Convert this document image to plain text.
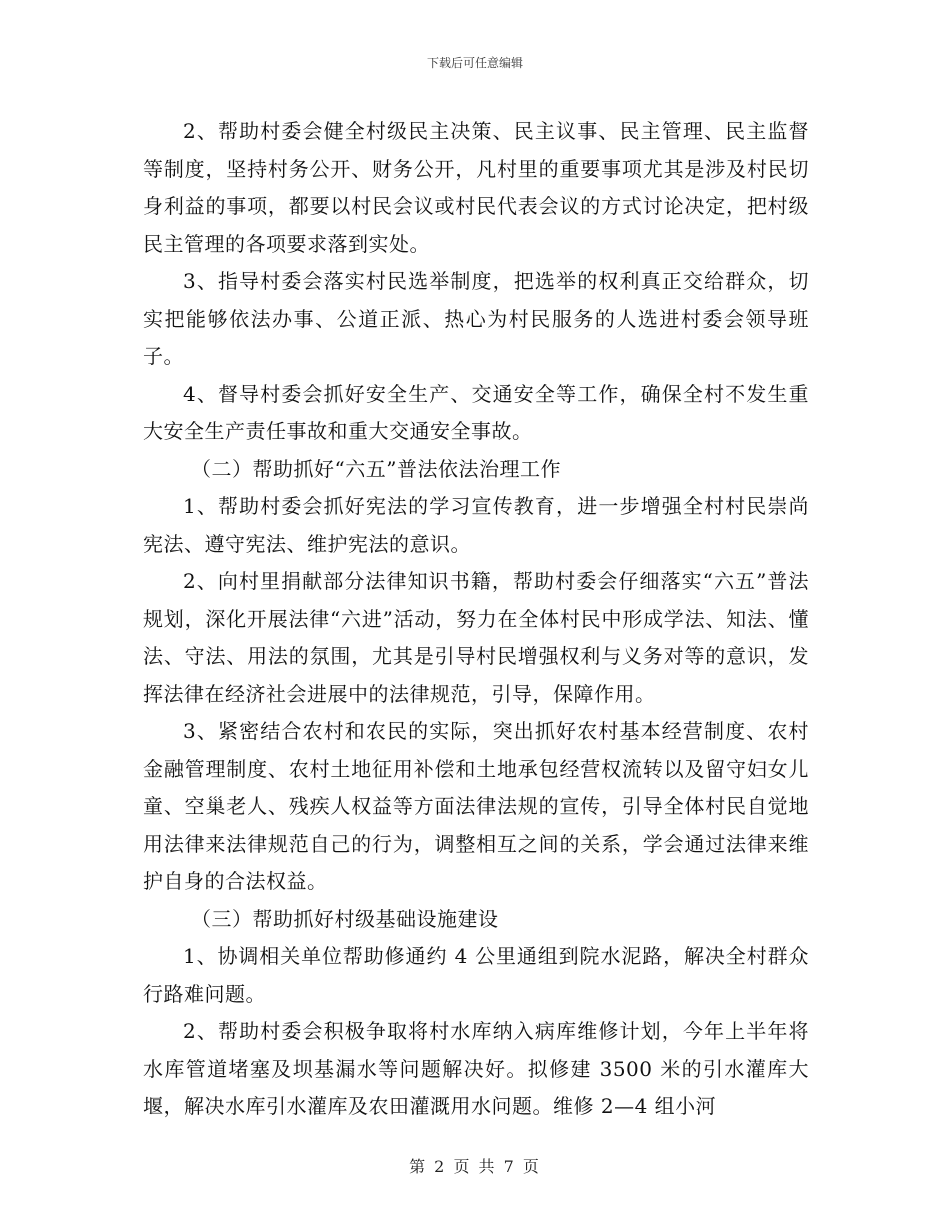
下载后可任意编辑

2、帮助村委会健全村级民主决策、民主议事、民主管理、民主监督等制度，坚持村务公开、财务公开，凡村里的重要事项尤其是涉及村民切身利益的事项，都要以村民会议或村民代表会议的方式讨论决定，把村级民主管理的各项要求落到实处。

3、指导村委会落实村民选举制度，把选举的权利真正交给群众，切实把能够依法办事、公道正派、热心为村民服务的人选进村委会领导班子。

4、督导村委会抓好安全生产、交通安全等工作，确保全村不发生重大安全生产责任事故和重大交通安全事故。

（二）帮助抓好“六五”普法依法治理工作

1、帮助村委会抓好宪法的学习宣传教育，进一步增强全村村民崇尚宪法、遵守宪法、维护宪法的意识。

2、向村里捐献部分法律知识书籍，帮助村委会仔细落实“六五”普法规划，深化开展法律“六进”活动，努力在全体村民中形成学法、知法、懂法、守法、用法的氛围，尤其是引导村民增强权利与义务对等的意识，发挥法律在经济社会进展中的法律规范，引导，保障作用。

3、紧密结合农村和农民的实际，突出抓好农村基本经营制度、农村金融管理制度、农村土地征用补偿和土地承包经营权流转以及留守妇女儿童、空巢老人、残疾人权益等方面法律法规的宣传，引导全体村民自觉地用法律来法律规范自己的行为，调整相互之间的关系，学会通过法律来维护自身的合法权益。

（三）帮助抓好村级基础设施建设

1、协调相关单位帮助修通约 4 公里通组到院水泥路，解决全村群众行路难问题。

2、帮助村委会积极争取将村水库纳入病库维修计划，今年上半年将水库管道堵塞及坝基漏水等问题解决好。拟修建 3500 米的引水灌库大堰，解决水库引水灌库及农田灌溉用水问题。维修 2—4 组小河

第 2 页 共 7 页
